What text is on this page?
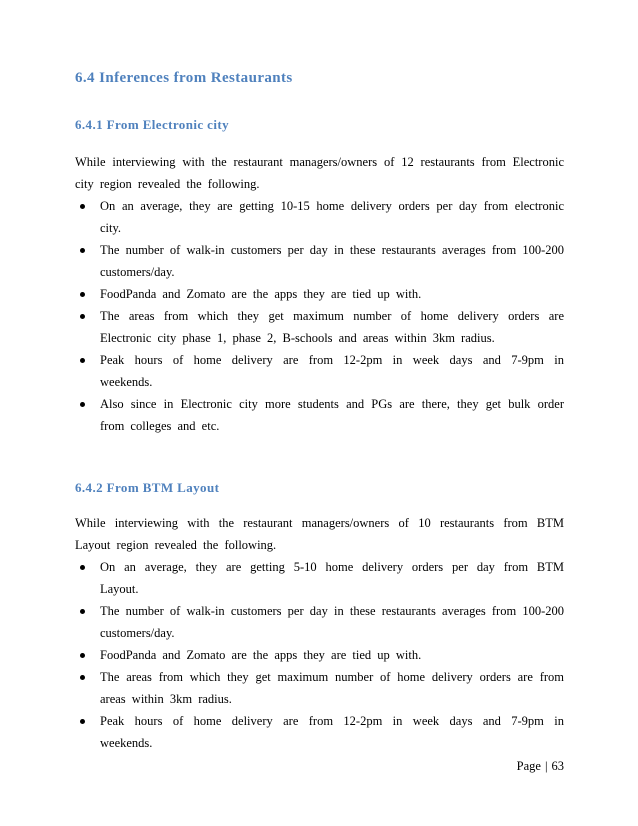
6.4 Inferences from Restaurants
6.4.1 From Electronic city
While interviewing with the restaurant managers/owners of 12 restaurants from Electronic city region revealed the following.
On an average, they are getting 10-15 home delivery orders per day from electronic city.
The number of walk-in customers per day in these restaurants averages from 100-200 customers/day.
FoodPanda and Zomato are the apps they are tied up with.
The areas from which they get maximum number of home delivery orders are Electronic city phase 1, phase 2, B-schools and areas within 3km radius.
Peak hours of home delivery are from 12-2pm in week days and 7-9pm in weekends.
Also since in Electronic city more students and PGs are there, they get bulk order from colleges and etc.
6.4.2 From BTM Layout
While interviewing with the restaurant managers/owners of 10 restaurants from BTM Layout region revealed the following.
On an average, they are getting 5-10 home delivery orders per day from BTM Layout.
The number of walk-in customers per day in these restaurants averages from 100-200 customers/day.
FoodPanda and Zomato are the apps they are tied up with.
The areas from which they get maximum number of home delivery orders are from areas within 3km radius.
Peak hours of home delivery are from 12-2pm in week days and 7-9pm in weekends.
Page | 63
